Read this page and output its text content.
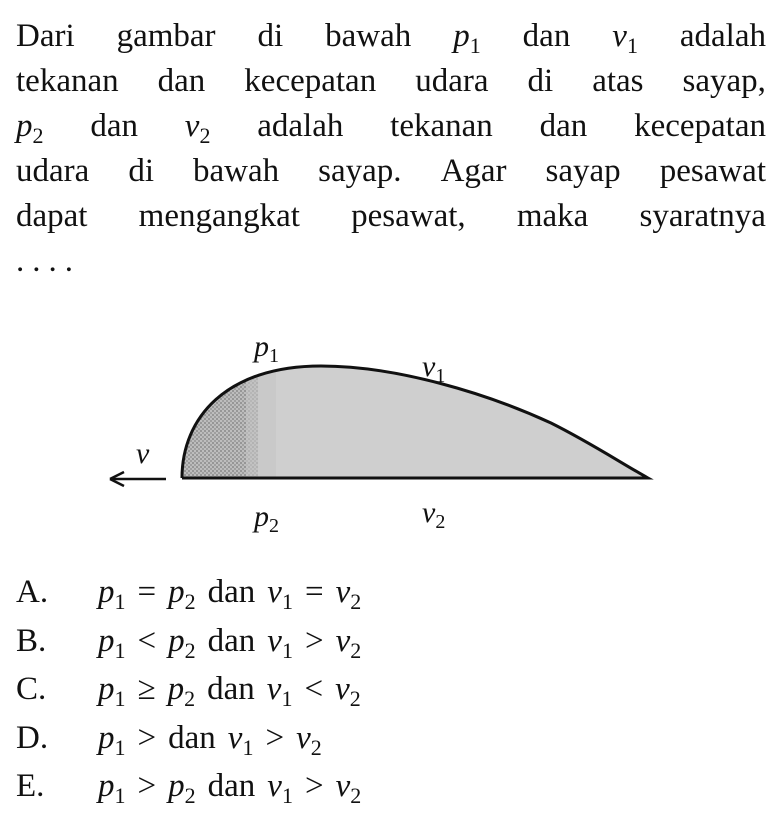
Dari gambar di bawah $p_1$ dan $v_1$ adalah
tekanan dan kecepatan udara di atas sayap,
$p_2$ dan $v_2$ adalah tekanan dan kecepatan
udara di bawah sayap. Agar sayap pesawat
dapat mengangkat pesawat, maka syaratnya
....
$p_1$	$v_1$
v
$p_2$	$v_2$
A.	$p_1 = p_2$ dan $v_1 = v_2$
B.	$p_1 < p_2$ dan $v_1 > v_2$
C.	$p_1 \ge p_2$ dan $v_1 < v_2$
D.	$p_1$ > dan $v_1 > v_2$
E.	$p_1 > p_2$ dan $v_1 > v_2$
